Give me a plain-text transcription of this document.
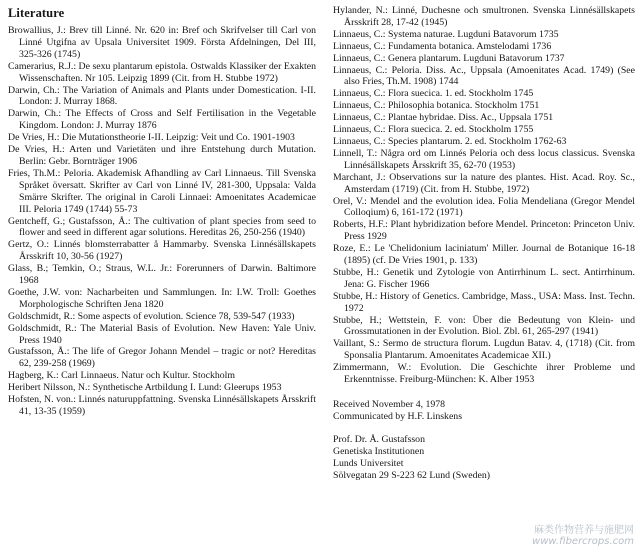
Literature
Browallius, J.: Brev till Linné. Nr. 620 in: Bref och Skrifvelser till Carl von Linné Utgifna av Upsala Universitet 1909. Första Afdelningen, Del III, 325-326 (1745)
Camerarius, R.J.: De sexu plantarum epistola. Ostwalds Klassiker der Exakten Wissenschaften. Nr 105. Leipzig 1899 (Cit. from H. Stubbe 1972)
Darwin, Ch.: The Variation of Animals and Plants under Domestication. I-II. London: J. Murray 1868.
Darwin, Ch.: The Effects of Cross and Self Fertilisation in the Vegetable Kingdom. London: J. Murray 1876
De Vries, H.: Die Mutationstheorie I-II. Leipzig: Veit und Co. 1901-1903
De Vries, H.: Arten und Varietäten und ihre Entstehung durch Mutation. Berlin: Gebr. Bornträger 1906
Fries, Th.M.: Peloria. Akademisk Afhandling av Carl Linnaeus. Till Svenska Språket översatt. Skrifter av Carl von Linné IV, 281-300, Uppsala: Valda Smärre Skrifter. The original in Caroli Linnaei: Amoenitates Academicae III. Peloria 1749 (1744) 55-73
Gentcheff, G.; Gustafsson, Å.: The cultivation of plant species from seed to flower and seed in different agar solutions. Hereditas 26, 250-256 (1940)
Gertz, O.: Linnés blomsterrabatter å Hammarby. Svenska Linnésällskapets Årsskrift 10, 30-56 (1927)
Glass, B.; Temkin, O.; Straus, W.L. Jr.: Forerunners of Darwin. Baltimore 1968
Goethe, J.W. von: Nacharbeiten und Sammlungen. In: I.W. Troll: Goethes Morphologische Schriften Jena 1820
Goldschmidt, R.: Some aspects of evolution. Science 78, 539-547 (1933)
Goldschmidt, R.: The Material Basis of Evolution. New Haven: Yale Univ. Press 1940
Gustafsson, Å.: The life of Gregor Johann Mendel – tragic or not? Hereditas 62, 239-258 (1969)
Hagberg, K.: Carl Linnaeus. Natur och Kultur. Stockholm
Heribert Nilsson, N.: Synthetische Artbildung I. Lund: Gleerups 1953
Hofsten, N. von.: Linnés naturuppfattning. Svenska Linnésällskapets Årsskrift 41, 13-35 (1959)
Hylander, N.: Linné, Duchesne och smultronen. Svenska Linnésällskapets Årsskrift 28, 17-42 (1945)
Linnaeus, C.: Systema naturae. Lugduni Batavorum 1735
Linnaeus, C.: Fundamenta botanica. Amstelodami 1736
Linnaeus, C.: Genera plantarum. Lugduni Batavorum 1737
Linnaeus, C.: Peloria. Diss. Ac., Uppsala (Amoenitates Acad. 1749) (See also Fries, Th.M. 1908) 1744
Linnaeus, C.: Flora suecica. 1. ed. Stockholm 1745
Linnaeus, C.: Philosophia botanica. Stockholm 1751
Linnaeus, C.: Plantae hybridae. Diss. Ac., Uppsala 1751
Linnaeus, C.: Flora suecica. 2. ed. Stockholm 1755
Linnaeus, C.: Species plantarum. 2. ed. Stockholm 1762-63
Linnell, T.: Några ord om Linnés Peloria och dess locus classicus. Svenska Linnésällskapets Årsskrift 35, 62-70 (1953)
Marchant, J.: Observations sur la nature des plantes. Hist. Acad. Roy. Sc., Amsterdam (1719) (Cit. from H. Stubbe, 1972)
Orel, V.: Mendel and the evolution idea. Folia Mendeliana (Gregor Mendel Colloqium) 6, 161-172 (1971)
Roberts, H.F.: Plant hybridization before Mendel. Princeton: Princeton Univ. Press 1929
Roze, E.: Le 'Chelidonium laciniatum' Miller. Journal de Botanique 16-18 (1895) (cf. De Vries 1901, p. 133)
Stubbe, H.: Genetik und Zytologie von Antirrhinum L. sect. Antirrhinum. Jena: G. Fischer 1966
Stubbe, H.: History of Genetics. Cambridge, Mass., USA: Mass. Inst. Techn. 1972
Stubbe, H.; Wettstein, F. von: Über die Bedeutung von Klein- und Grossmutationen in der Evolution. Biol. Zbl. 61, 265-297 (1941)
Vaillant, S.: Sermo de structura florum. Lugdun Batav. 4, (1718) (Cit. from Sponsalia Plantarum. Amoenitates Academicae XII.)
Zimmermann, W.: Evolution. Die Geschichte ihrer Probleme und Erkenntnisse. Freiburg-München: K. Alber 1953

Received November 4, 1978

Communicated by H.F. Linskens

Prof. Dr. Å. Gustafsson

Genetiska Institutionen

Lunds Universitet

Sölvegatan 29 S-223 62 Lund (Sweden)

麻类作物营养与施肥网
www.fibercrops.com
